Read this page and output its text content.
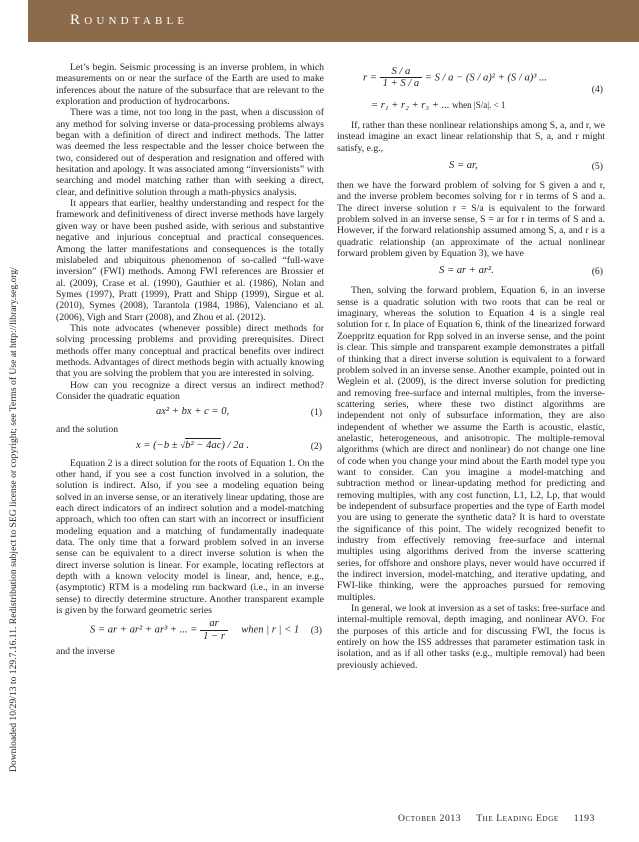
Roundtable
Downloaded 10/29/13 to 129.7.16.11. Redistribution subject to SEG license or copyright; see Terms of Use at http://library.seg.org/

Let’s begin. Seismic processing is an inverse problem, in which measurements on or near the surface of the Earth are used to make inferences about the nature of the subsurface that are relevant to the exploration and production of hydrocarbons.

There was a time, not too long in the past, when a discussion of any method for solving inverse or data-processing problems always began with a definition of direct and indirect methods. The latter was deemed the less respectable and the lesser choice between the two, considered out of desperation and resignation and offered with hesitation and apology. It was associated among “inversionists” with searching and model matching rather than with seeking a direct, clear, and definitive solution through a math-physics analysis.

It appears that earlier, healthy understanding and respect for the framework and definitiveness of direct inverse methods have largely given way or have been pushed aside, with serious and substantive negative and injurious conceptual and practical consequences. Among the latter manifestations and consequences is the totally mislabeled and ubiquitous phenomenon of so-called “full-wave inversion” (FWI) methods. Among FWI references are Brossier et al. (2009), Crase et al. (1990), Gauthier et al. (1986), Nolan and Symes (1997), Pratt (1999), Pratt and Shipp (1999), Sirgue et al. (2010), Symes (2008), Tarantola (1984, 1986), Valenciano et al. (2006), Vigh and Starr (2008), and Zhou et al. (2012).

This note advocates (whenever possible) direct methods for solving processing problems and providing prerequisites. Direct methods offer many conceptual and practical benefits over indirect methods. Advantages of direct methods begin with actually knowing that you are solving the problem that you are interested in solving.

How can you recognize a direct versus an indirect method? Consider the quadratic equation

ax² + bx + c = 0,	(1)

and the solution

x = (−b ± √b² − 4ac) / 2a .	(2)

Equation 2 is a direct solution for the roots of Equation 1. On the other hand, if you see a cost function involved in a solution, the solution is indirect. Also, if you see a modeling equation being solved in an inverse sense, or an iteratively linear updating, those are each direct indicators of an indirect solution and a model-matching approach, which too often can start with an incorrect or insufficient modeling equation and a matching of fundamentally inadequate data. The only time that a forward problem solved in an inverse sense can be equivalent to a direct inverse solution is when the direct inverse solution is linear. For example, locating reflectors at depth with a known velocity model is linear, and, hence, e.g., (asymptotic) RTM is a modeling run backward (i.e., in an inverse sense) to directly determine structure. Another transparent example is given by the forward geometric series

S = ar + ar² + ar³ + ... = $\frac{ar}{1 - r}$ when | r | < 1 (3)

and the inverse

$r = \frac{S / a}{1 + S / a} = S / a - (S / a)^2 + (S / a)^3$ ...
= r₁ + r₂ + r₃ + ... when |S/a|. < 1
(4)

If, rather than these nonlinear relationships among S, a, and r, we instead imagine an exact linear relationship that S, a, and r might satisfy, e.g.,

S = ar,	(5)

then we have the forward problem of solving for S given a and r, and the inverse problem becomes solving for r in terms of S and a. The direct inverse solution r = S/a is equivalent to the forward problem solved in an inverse sense, S = ar for r in terms of S and a. However, if the forward relationship assumed among S, a, and r is a quadratic relationship (an approximate of the actual nonlinear forward problem given by Equation 3), we have

S = ar + ar².	(6)

Then, solving the forward problem, Equation 6, in an inverse sense is a quadratic solution with two roots that can be real or imaginary, whereas the solution to Equation 4 is a single real solution for r. In place of Equation 6, think of the linearized forward Zoeppritz equation for Rpp solved in an inverse sense, and the point is clear. This simple and transparent example demonstrates a pitfall of thinking that a direct inverse solution is equivalent to a forward problem solved in an inverse sense. Another example, pointed out in Weglein et al. (2009), is the direct inverse solution for predicting and removing free-surface and internal multiples, from the inverse-scattering series, where these two distinct algorithms are independent not only of subsurface information, they are also independent of whether we assume the Earth is acoustic, elastic, anelastic, heterogeneous, and anisotropic. The multiple-removal algorithms (which are direct and nonlinear) do not change one line of code when you change your mind about the Earth model type you want to consider. Can you imagine a model-matching and subtraction method or linear-updating method for predicting and removing multiples, with any cost function, L1, L2, Lp, that would be independent of subsurface properties and the type of Earth model you are using to generate the synthetic data? It is hard to overstate the significance of this point. The widely recognized benefit to industry from effectively removing free-surface and internal multiples using algorithms derived from the inverse scattering series, for offshore and onshore plays, never would have occurred if the indirect inversion, model-matching, and iterative updating, and FWI-like thinking, were the approaches pursued for removing multiples.

In general, we look at inversion as a set of tasks: free-surface and internal-multiple removal, depth imaging, and nonlinear AVO. For the purposes of this article and for discussing FWI, the focus is entirely on how the ISS addresses that parameter estimation task in isolation, and as if all other tasks (e.g., multiple removal) had been previously achieved.

October 2013 The Leading Edge 1193
